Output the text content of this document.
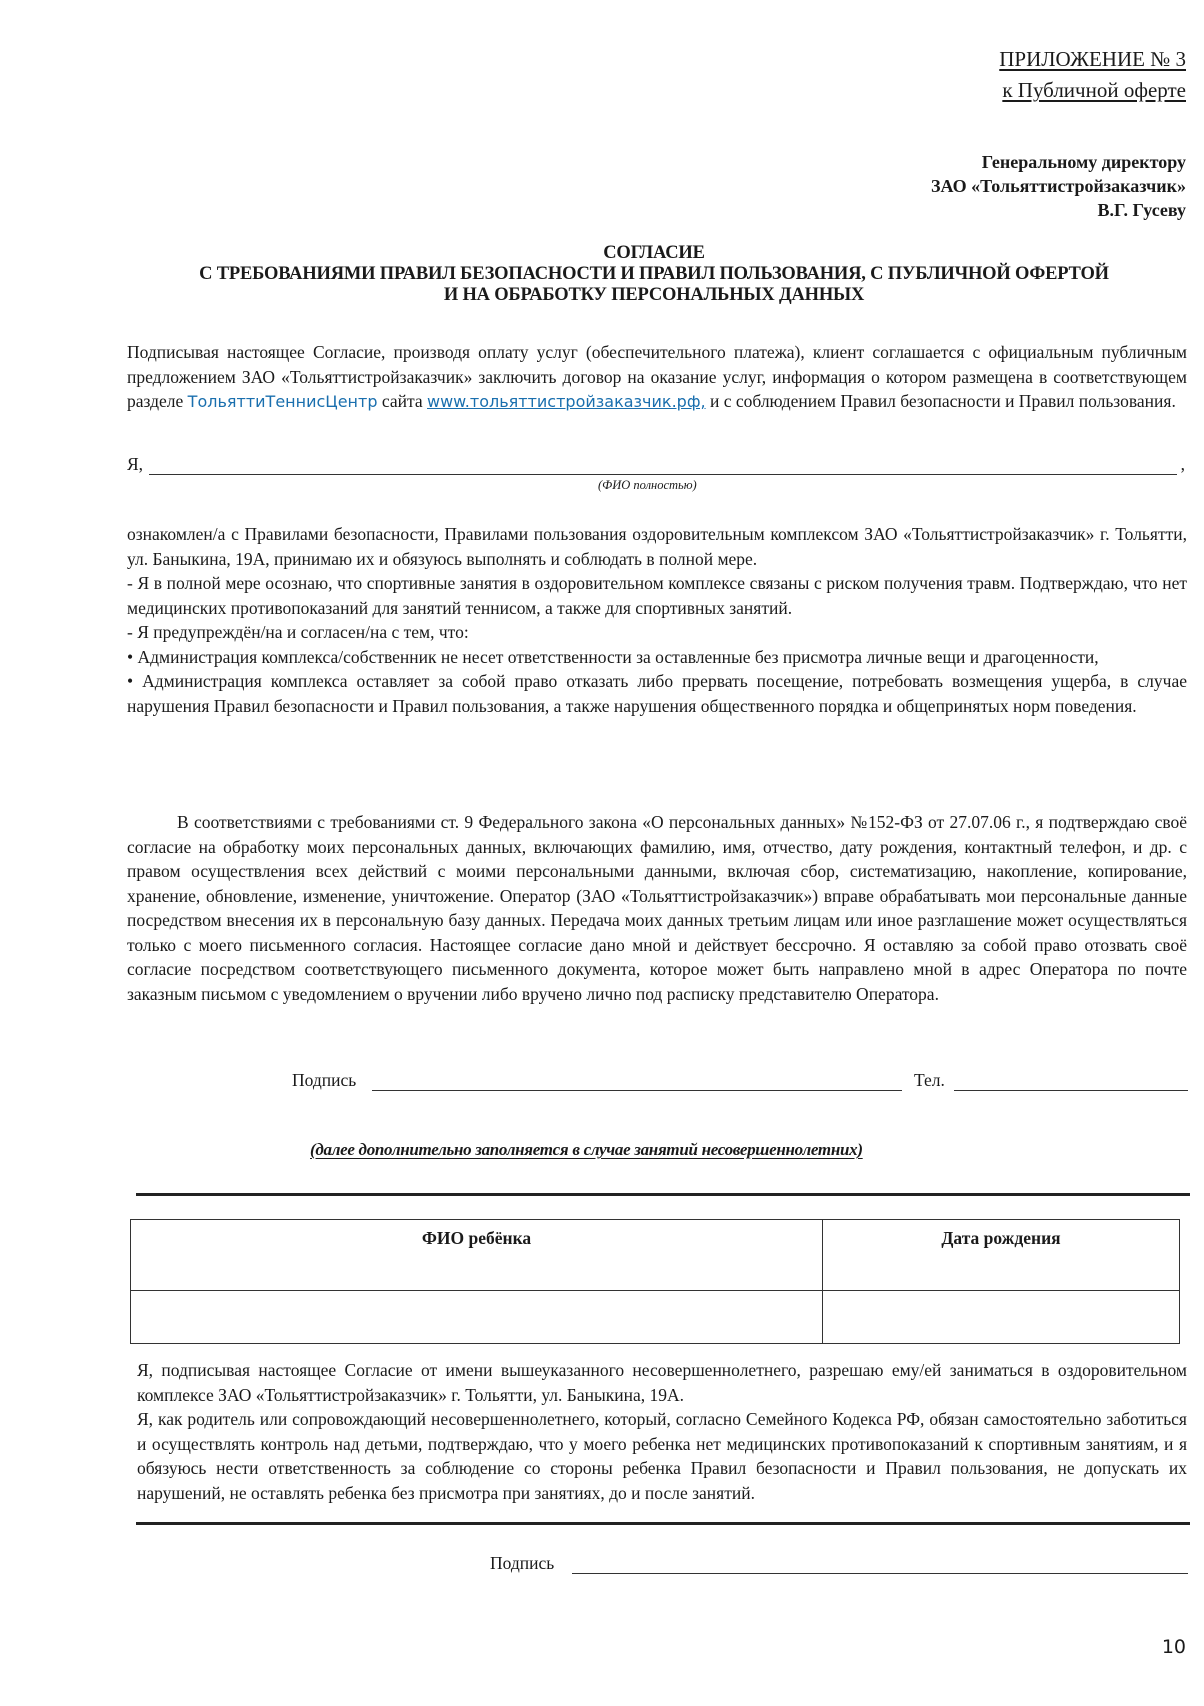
ПРИЛОЖЕНИЕ № 3
к Публичной оферте
Генеральному директору
ЗАО «Тольяттистройзаказчик»
В.Г. Гусеву
СОГЛАСИЕ
С ТРЕБОВАНИЯМИ ПРАВИЛ БЕЗОПАСНОСТИ И ПРАВИЛ ПОЛЬЗОВАНИЯ, С ПУБЛИЧНОЙ ОФЕРТОЙ
И НА ОБРАБОТКУ ПЕРСОНАЛЬНЫХ ДАННЫХ
Подписывая настоящее Согласие, производя оплату услуг (обеспечительного платежа), клиент соглашается с официальным публичным предложением ЗАО «Тольяттистройзаказчик» заключить договор на оказание услуг, информация о котором размещена в соответствующем разделе ТольяттиТеннисЦентр сайта www.тольяттистройзаказчик.рф, и с соблюдением Правил безопасности и Правил пользования.
Я,	,
(ФИО полностью)
ознакомлен/а с Правилами безопасности, Правилами пользования оздоровительным комплексом ЗАО «Тольяттистройзаказчик» г. Тольятти, ул. Баныкина, 19А, принимаю их и обязуюсь выполнять и соблюдать в полной мере.
- Я в полной мере осознаю, что спортивные занятия в оздоровительном комплексе связаны с риском получения травм. Подтверждаю, что нет медицинских противопоказаний для занятий теннисом, а также для спортивных занятий.
- Я предупреждён/на и согласен/на с тем, что:
• Администрация комплекса/собственник не несет ответственности за оставленные без присмотра личные вещи и драгоценности,
• Администрация комплекса оставляет за собой право отказать либо прервать посещение, потребовать возмещения ущерба, в случае нарушения Правил безопасности и Правил пользования, а также нарушения общественного порядка и общепринятых норм поведения.
В соответствиями с требованиями ст. 9 Федерального закона «О персональных данных» №152-ФЗ от 27.07.06 г., я подтверждаю своё согласие на обработку моих персональных данных, включающих фамилию, имя, отчество, дату рождения, контактный телефон, и др. с правом осуществления всех действий с моими персональными данными, включая сбор, систематизацию, накопление, копирование, хранение, обновление, изменение, уничтожение. Оператор (ЗАО «Тольяттистройзаказчик») вправе обрабатывать мои персональные данные посредством внесения их в персональную базу данных. Передача моих данных третьим лицам или иное разглашение может осуществляться только с моего письменного согласия. Настоящее согласие дано мной и действует бессрочно. Я оставляю за собой право отозвать своё согласие посредством соответствующего письменного документа, которое может быть направлено мной в адрес Оператора по почте заказным письмом с уведомлением о вручении либо вручено лично под расписку представителю Оператора.
Подпись	Тел.
(далее дополнительно заполняется в случае занятий несовершеннолетних)
ФИО ребёнка	Дата рождения

Я, подписывая настоящее Согласие от имени вышеуказанного несовершеннолетнего, разрешаю ему/ей заниматься в оздоровительном комплексе ЗАО «Тольяттистройзаказчик» г. Тольятти, ул. Баныкина, 19А.
Я, как родитель или сопровождающий несовершеннолетнего, который, согласно Семейного Кодекса РФ, обязан самостоятельно заботиться и осуществлять контроль над детьми, подтверждаю, что у моего ребенка нет медицинских противопоказаний к спортивным занятиям, и я обязуюсь нести ответственность за соблюдение со стороны ребенка Правил безопасности и Правил пользования, не допускать их нарушений, не оставлять ребенка без присмотра при занятиях, до и после занятий.
Подпись
10
